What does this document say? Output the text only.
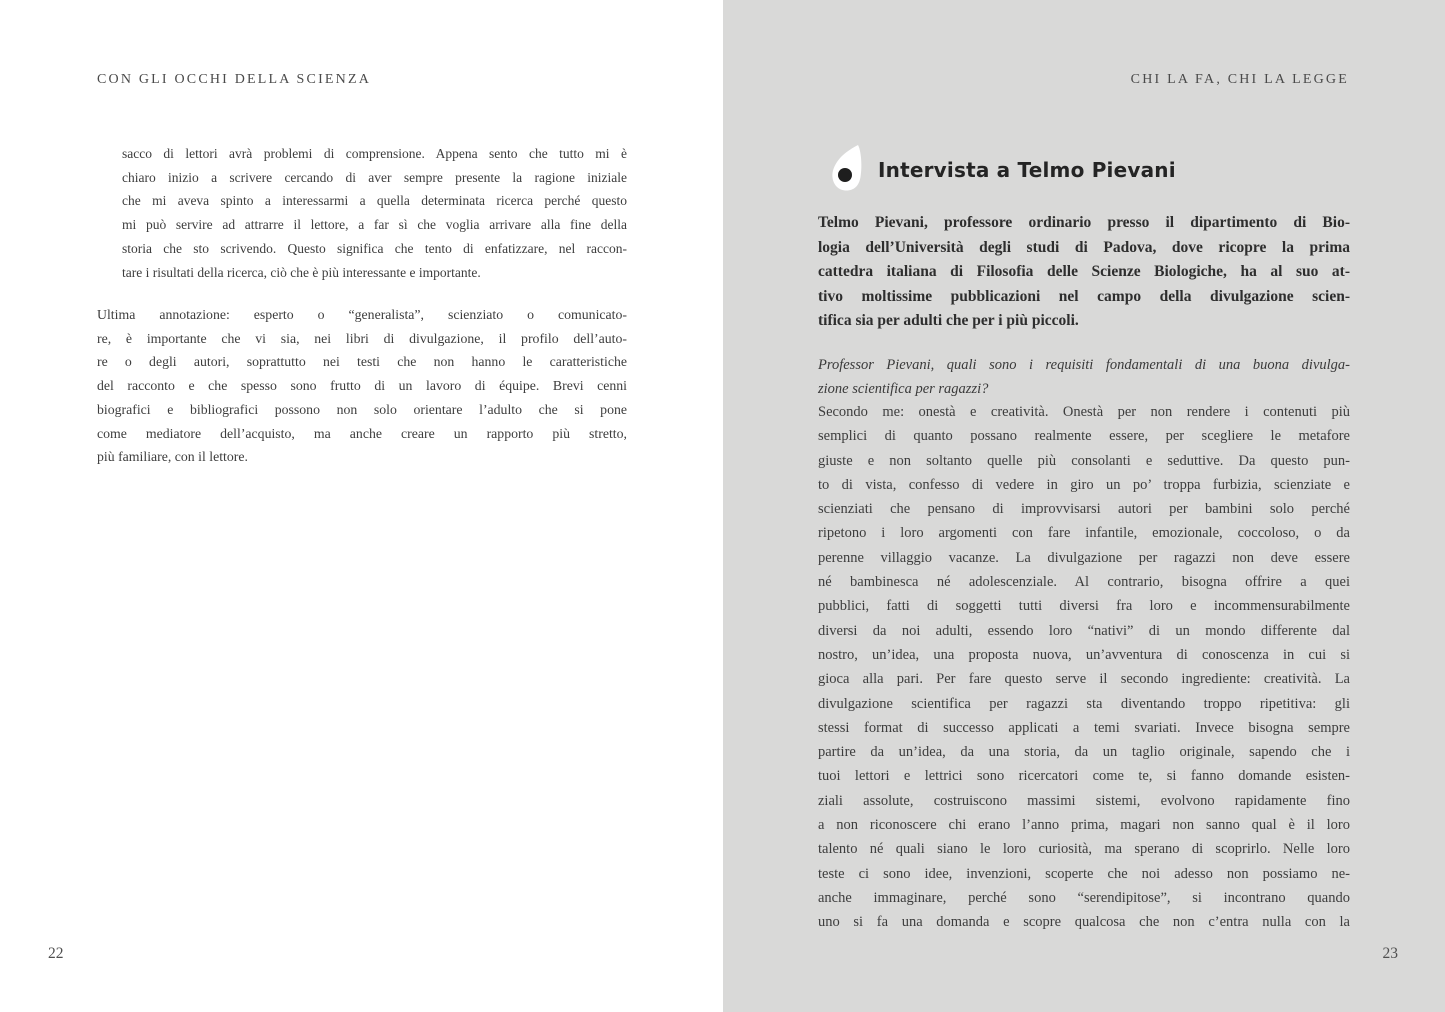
CON GLI OCCHI DELLA SCIENZA
sacco di lettori avrà problemi di comprensione. Appena sento che tutto mi è
chiaro inizio a scrivere cercando di aver sempre presente la ragione iniziale
che mi aveva spinto a interessarmi a quella determinata ricerca perché questo
mi può servire ad attrarre il lettore, a far sì che voglia arrivare alla fine della
storia che sto scrivendo. Questo significa che tento di enfatizzare, nel raccon-
tare i risultati della ricerca, ciò che è più interessante e importante.
Ultima annotazione: esperto o “generalista”, scienziato o comunicato-
re, è importante che vi sia, nei libri di divulgazione, il profilo dell’auto-
re o degli autori, soprattutto nei testi che non hanno le caratteristiche
del racconto e che spesso sono frutto di un lavoro di équipe. Brevi cenni
biografici e bibliografici possono non solo orientare l’adulto che si pone
come mediatore dell’acquisto, ma anche creare un rapporto più stretto,
più familiare, con il lettore.
22
CHI LA FA, CHI LA LEGGE
Intervista a Telmo Pievani
Telmo Pievani, professore ordinario presso il dipartimento di Bio-
logia dell’Università degli studi di Padova, dove ricopre la prima
cattedra italiana di Filosofia delle Scienze Biologiche, ha al suo at-
tivo moltissime pubblicazioni nel campo della divulgazione scien-
tifica sia per adulti che per i più piccoli.
Professor Pievani, quali sono i requisiti fondamentali di una buona divulga-
zione scientifica per ragazzi?
Secondo me: onestà e creatività. Onestà per non rendere i contenuti più
semplici di quanto possano realmente essere, per scegliere le metafore
giuste e non soltanto quelle più consolanti e seduttive. Da questo pun-
to di vista, confesso di vedere in giro un po’ troppa furbizia, scienziate e
scienziati che pensano di improvvisarsi autori per bambini solo perché
ripetono i loro argomenti con fare infantile, emozionale, coccoloso, o da
perenne villaggio vacanze. La divulgazione per ragazzi non deve essere
né bambinesca né adolescenziale. Al contrario, bisogna offrire a quei
pubblici, fatti di soggetti tutti diversi fra loro e incommensurabilmente
diversi da noi adulti, essendo loro “nativi” di un mondo differente dal
nostro, un’idea, una proposta nuova, un’avventura di conoscenza in cui si
gioca alla pari. Per fare questo serve il secondo ingrediente: creatività. La
divulgazione scientifica per ragazzi sta diventando troppo ripetitiva: gli
stessi format di successo applicati a temi svariati. Invece bisogna sempre
partire da un’idea, da una storia, da un taglio originale, sapendo che i
tuoi lettori e lettrici sono ricercatori come te, si fanno domande esisten-
ziali assolute, costruiscono massimi sistemi, evolvono rapidamente fino
a non riconoscere chi erano l’anno prima, magari non sanno qual è il loro
talento né quali siano le loro curiosità, ma sperano di scoprirlo. Nelle loro
teste ci sono idee, invenzioni, scoperte che noi adesso non possiamo ne-
anche immaginare, perché sono “serendipitose”, si incontrano quando
uno si fa una domanda e scopre qualcosa che non c’entra nulla con la
23
